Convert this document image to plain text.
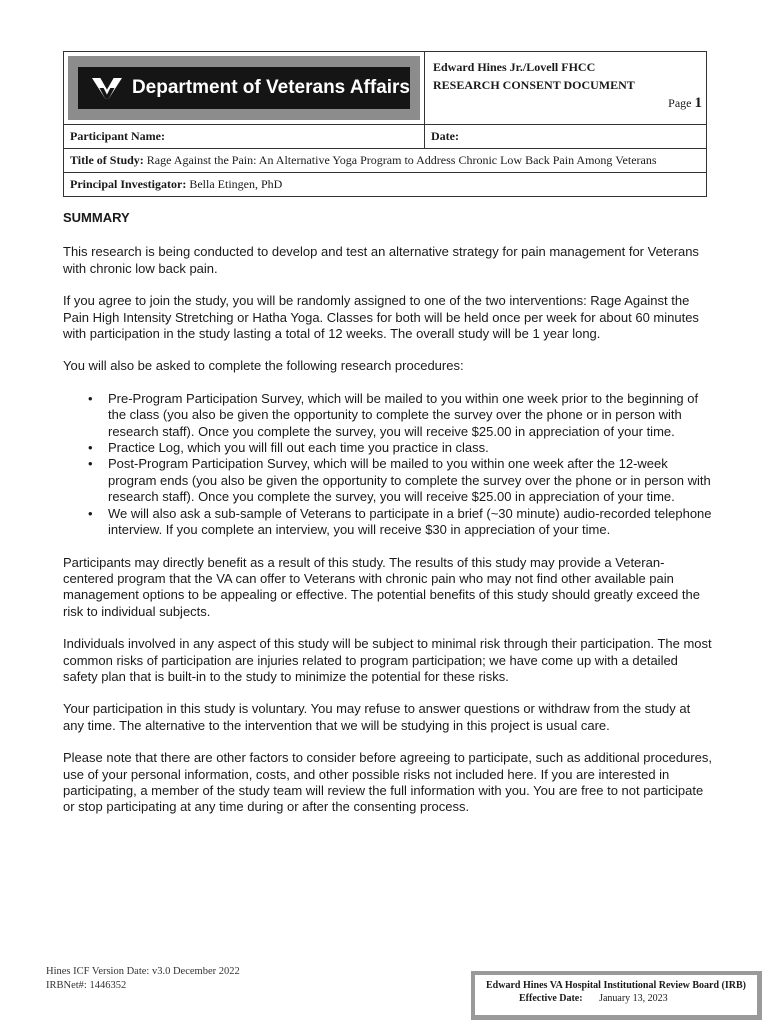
Department of Veterans Affairs	Edward Hines Jr./Lovell FHCC
RESEARCH CONSENT DOCUMENT
Page 1

Participant Name:	Date:
Title of Study: Rage Against the Pain: An Alternative Yoga Program to Address Chronic Low Back Pain Among Veterans	
Principal Investigator: Bella Etingen, PhD	
SUMMARY

This research is being conducted to develop and test an alternative strategy for pain management for Veterans with chronic low back pain.

If you agree to join the study, you will be randomly assigned to one of the two interventions: Rage Against the Pain High Intensity Stretching or Hatha Yoga. Classes for both will be held once per week for about 60 minutes with participation in the study lasting a total of 12 weeks. The overall study will be 1 year long.

You will also be asked to complete the following research procedures:

• Pre-Program Participation Survey, which will be mailed to you within one week prior to the beginning of the class (you also be given the opportunity to complete the survey over the phone or in person with research staff). Once you complete the survey, you will receive $25.00 in appreciation of your time.
• Practice Log, which you will fill out each time you practice in class.
• Post-Program Participation Survey, which will be mailed to you within one week after the 12-week program ends (you also be given the opportunity to complete the survey over the phone or in person with research staff). Once you complete the survey, you will receive $25.00 in appreciation of your time.
• We will also ask a sub-sample of Veterans to participate in a brief (~30 minute) audio-recorded telephone interview. If you complete an interview, you will receive $30 in appreciation of your time.

Participants may directly benefit as a result of this study. The results of this study may provide a Veteran-centered program that the VA can offer to Veterans with chronic pain who may not find other available pain management options to be appealing or effective. The potential benefits of this study should greatly exceed the risk to individual subjects.

Individuals involved in any aspect of this study will be subject to minimal risk through their participation. The most common risks of participation are injuries related to program participation; we have come up with a detailed safety plan that is built-in to the study to minimize the potential for these risks.

Your participation in this study is voluntary. You may refuse to answer questions or withdraw from the study at any time. The alternative to the intervention that we will be studying in this project is usual care.

Please note that there are other factors to consider before agreeing to participate, such as additional procedures, use of your personal information, costs, and other possible risks not included here. If you are interested in participating, a member of the study team will review the full information with you. You are free to not participate or stop participating at any time during or after the consenting process.

Hines ICF Version Date: v3.0 December 2022
IRBNet#: 1446352	Edward Hines VA Hospital Institutional Review Board (IRB)
Effective Date: January 13, 2023
